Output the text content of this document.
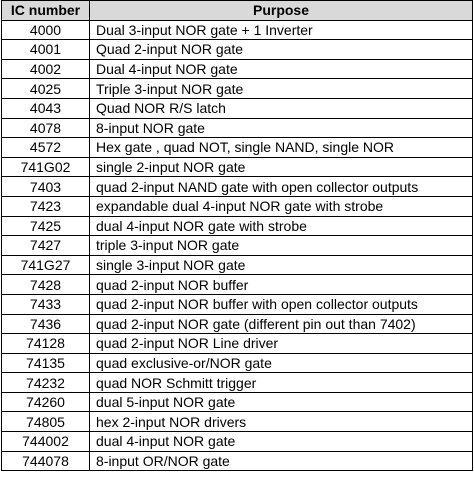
IC number	Purpose
4000	Dual 3-input NOR gate + 1 Inverter
4001	Quad 2-input NOR gate
4002	Dual 4-input NOR gate
4025	Triple 3-input NOR gate
4043	Quad NOR R/S latch
4078	8-input NOR gate
4572	Hex gate , quad NOT, single NAND, single NOR
741G02	single 2-input NOR gate
7403	quad 2-input NAND gate with open collector outputs
7423	expandable dual 4-input NOR gate with strobe
7425	dual 4-input NOR gate with strobe
7427	triple 3-input NOR gate
741G27	single 3-input NOR gate
7428	quad 2-input NOR buffer
7433	quad 2-input NOR buffer with open collector outputs
7436	quad 2-input NOR gate (different pin out than 7402)
74128	quad 2-input NOR Line driver
74135	quad exclusive-or/NOR gate
74232	quad NOR Schmitt trigger
74260	dual 5-input NOR gate
74805	hex 2-input NOR drivers
744002	dual 4-input NOR gate
744078	8-input OR/NOR gate
